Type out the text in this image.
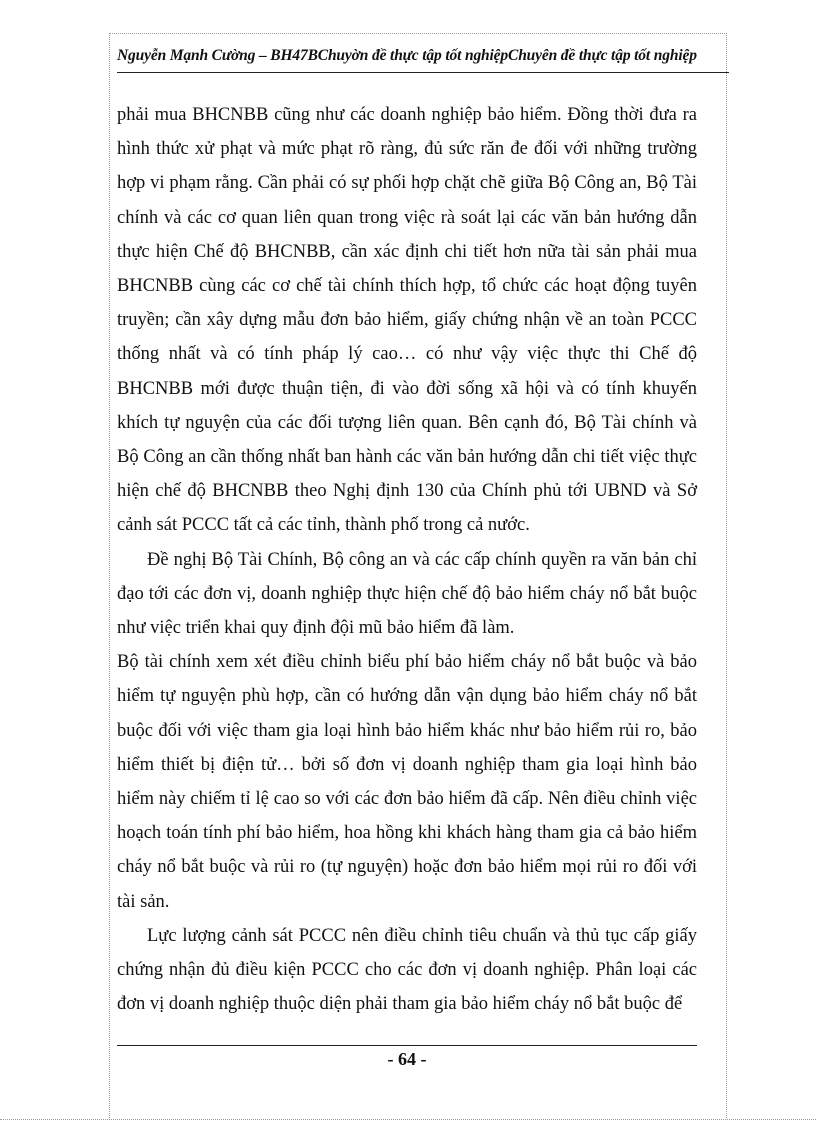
Nguyễn Mạnh Cường – BH47BChuyờn đề thực tập tốt nghiệpChuyên đề thực tập tốt nghiệp

phải mua BHCNBB cũng như các doanh nghiệp bảo hiểm. Đồng thời đưa ra hình thức xử phạt và mức phạt rõ ràng, đủ sức răn đe đối với những trường hợp vi phạm rằng. Cần phải có sự phối hợp chặt chẽ giữa Bộ Công an, Bộ Tài chính và các cơ quan liên quan trong việc rà soát lại các văn bản hướng dẫn thực hiện Chế độ BHCNBB, cần xác định chi tiết hơn nữa tài sản phải mua BHCNBB cùng các cơ chế tài chính thích hợp, tổ chức các hoạt động tuyên truyền; cần xây dựng mẫu đơn bảo hiểm, giấy chứng nhận về an toàn PCCC thống nhất và có tính pháp lý cao… có như vậy việc thực thi Chế độ BHCNBB mới được thuận tiện, đi vào đời sống xã hội và có tính khuyến khích tự nguyện của các đối tượng liên quan. Bên cạnh đó, Bộ Tài chính và Bộ Công an cần thống nhất ban hành các văn bản hướng dẫn chi tiết việc thực hiện chế độ BHCNBB theo Nghị định 130 của Chính phủ tới UBND và Sở cảnh sát PCCC tất cả các tỉnh, thành phố trong cả nước.

Đề nghị Bộ Tài Chính, Bộ công an và các cấp chính quyền ra văn bản chỉ đạo tới các đơn vị, doanh nghiệp thực hiện chế độ bảo hiểm cháy nổ bắt buộc như việc triển khai quy định đội mũ bảo hiểm đã làm.

Bộ tài chính xem xét điều chỉnh biểu phí bảo hiểm cháy nổ bắt buộc và bảo hiểm tự nguyện phù hợp, cần có hướng dẫn vận dụng bảo hiểm cháy nổ bắt buộc đối với việc tham gia loại hình bảo hiểm khác như bảo hiểm rủi ro, bảo hiểm thiết bị điện tử… bởi số đơn vị doanh nghiệp tham gia loại hình bảo hiểm này chiếm tỉ lệ cao so với các đơn bảo hiểm đã cấp. Nên điều chỉnh việc hoạch toán tính phí bảo hiểm, hoa hồng khi khách hàng tham gia cả bảo hiểm cháy nổ bắt buộc và rủi ro (tự nguyện) hoặc đơn bảo hiểm mọi rủi ro đối với tài sản.

Lực lượng cảnh sát PCCC nên điều chỉnh tiêu chuẩn và thủ tục cấp giấy chứng nhận đủ điều kiện PCCC cho các đơn vị doanh nghiệp. Phân loại các đơn vị doanh nghiệp thuộc diện phải tham gia bảo hiểm cháy nổ bắt buộc để

- 64 -
